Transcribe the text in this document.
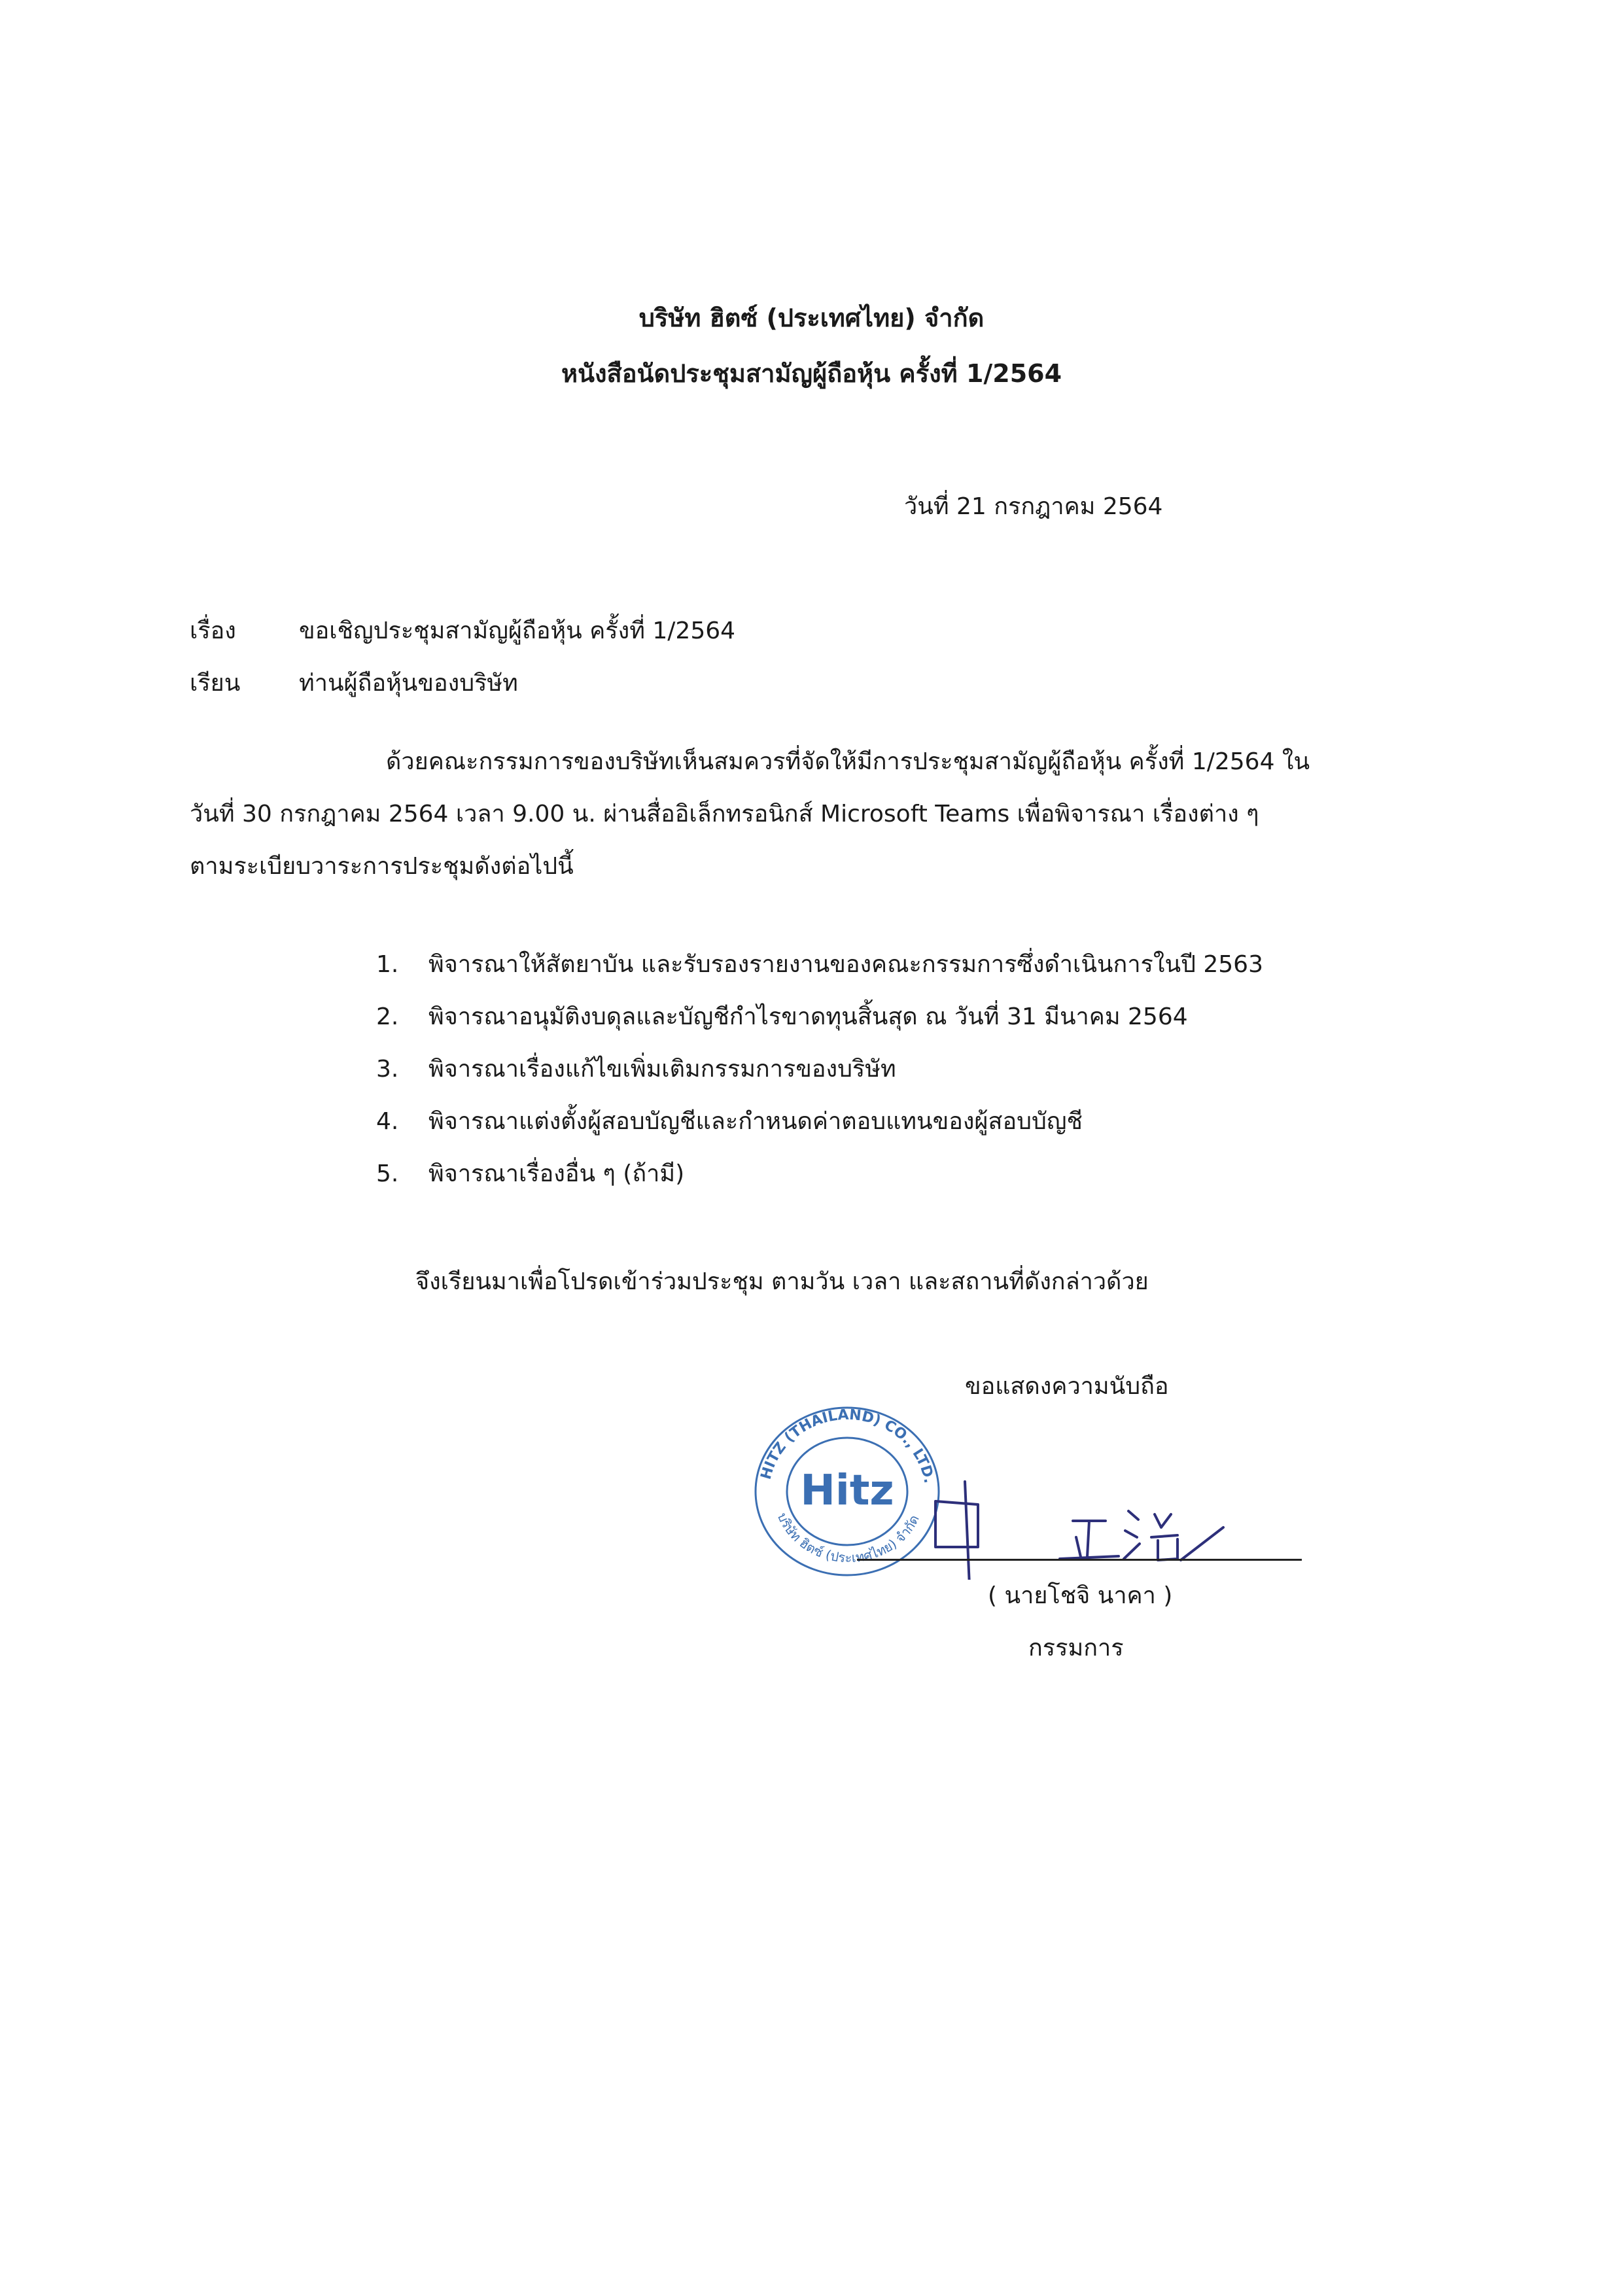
บริษัท ฮิตซ์ (ประเทศไทย) จำกัด
หนังสือนัดประชุมสามัญผู้ถือหุ้น ครั้งที่ 1/2564
วันที่ 21 กรกฎาคม 2564
เรื่อง	ขอเชิญประชุมสามัญผู้ถือหุ้น ครั้งที่ 1/2564
เรียน ท่านผู้ถือหุ้นของบริษัท
ด้วยคณะกรรมการของบริษัทเห็นสมควรที่จัดให้มีการประชุมสามัญผู้ถือหุ้น ครั้งที่ 1/2564 ใน
วันที่ 30 กรกฎาคม 2564 เวลา 9.00 น. ผ่านสื่ออิเล็กทรอนิกส์ Microsoft Teams เพื่อพิจารณา เรื่องต่าง ๆ
ตามระเบียบวาระการประชุมดังต่อไปนี้
1. พิจารณาให้สัตยาบัน และรับรองรายงานของคณะกรรมการซึ่งดำเนินการในปี 2563
2. พิจารณาอนุมัติงบดุลและบัญชีกำไรขาดทุนสิ้นสุด ณ วันที่ 31 มีนาคม 2564
3. พิจารณาเรื่องแก้ไขเพิ่มเติมกรรมการของบริษัท
4. พิจารณาแต่งตั้งผู้สอบบัญชีและกำหนดค่าตอบแทนของผู้สอบบัญชี
5. พิจารณาเรื่องอื่น ๆ (ถ้ามี)
จึงเรียนมาเพื่อโปรดเข้าร่วมประชุม ตามวัน เวลา และสถานที่ดังกล่าวด้วย
ขอแสดงความนับถือ
HITZ (THAILAND) CO., LTD.
Hitz
บริษัท ฮิตซ์ (ประเทศไทย) จำกัด
( นายโชจิ นาคา )
กรรมการ
